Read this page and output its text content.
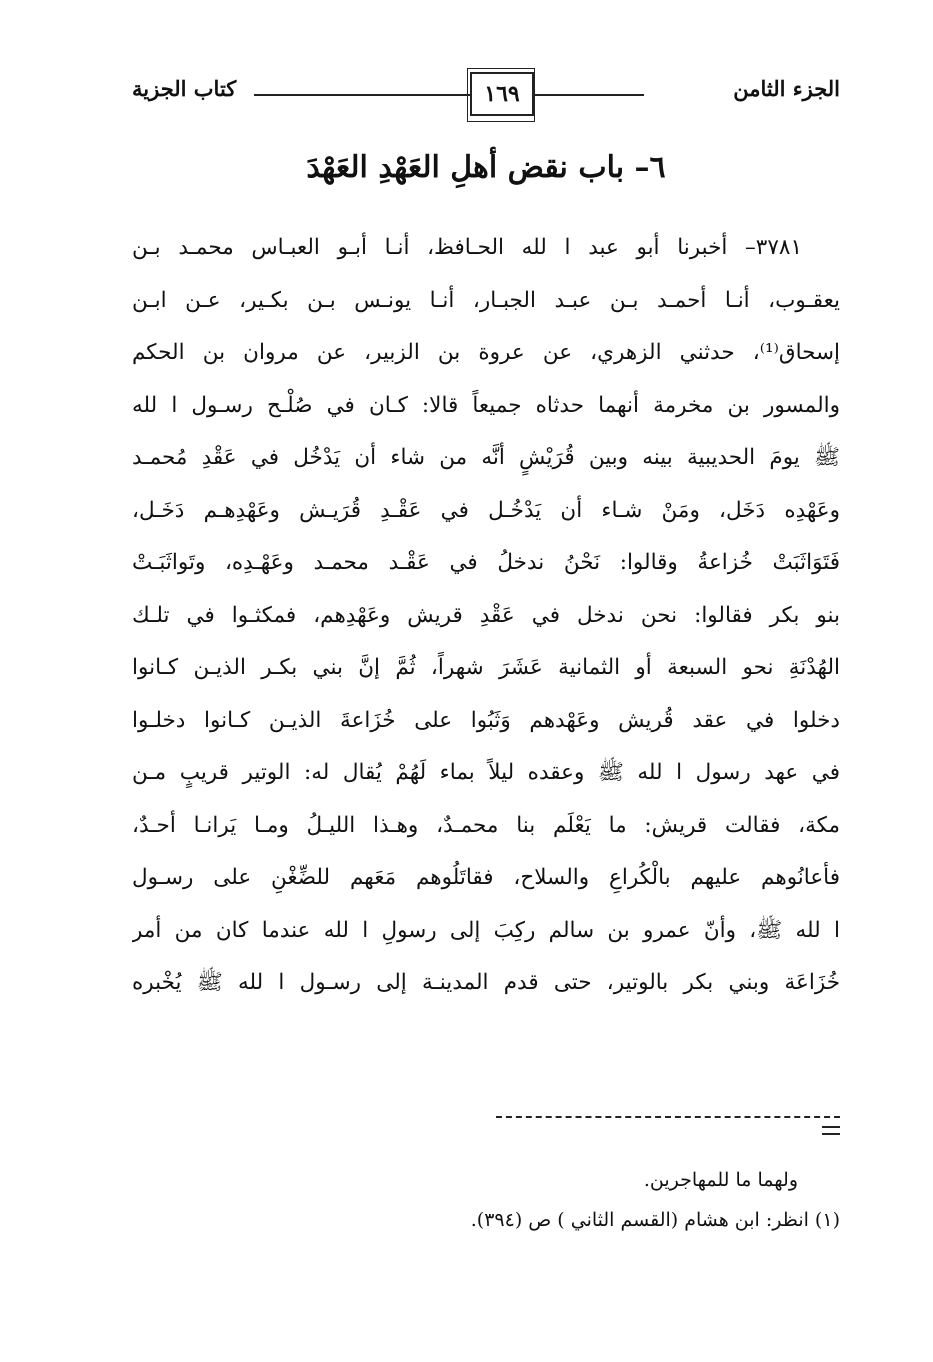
الجزء الثامن
١٦٩
كتاب الجزية
٦– باب نقض أهلِ العَهْدِ العَهْدَ
٣٧٨١– أخبرنا أبو عبد ا لله الحـافظ، أنـا أبـو العبـاس محمـد بـن
يعقـوب، أنـا أحمـد بـن عبـد الجبـار، أنـا يونـس بـن بكـير، عـن ابـن
إسحاق⁽¹⁾، حدثني الزهري، عن عروة بن الزبير، عن مروان بن الحكم
والمسور بن مخرمة أنهما حدثاه جميعاً قالا: كـان في صُلْـح رسـول ا لله
ﷺ يومَ الحديبية بينه وبين قُرَيْشٍ أنَّه من شاء أن يَدْخُل في عَقْدِ مُحمـد
وعَهْدِه دَخَل، ومَنْ شـاء أن يَدْخُـل في عَقْـدِ قُرَيـش وعَهْدِهـم دَخَـل،
فَتَوَاثَبَتْ خُزاعةُ وقالوا: نَحْنُ ندخلُ في عَقْـد محمـد وعَهْـدِه، وتَواثَبَـتْ
بنو بكر فقالوا: نحن ندخل في عَقْدِ قريش وعَهْدِهم، فمكثـوا في تلـك
الهُدْنَةِ نحو السبعة أو الثمانية عَشَرَ شهراً، ثُمَّ إنَّ بني بكـر الذيـن كـانوا
دخلوا في عقد قُريش وعَهْدهم وَثَبُوا على خُزَاعةَ الذيـن كـانوا دخلـوا
في عهد رسول ا لله ﷺ وعقده ليلاً بماء لَهُمْ يُقال له: الوتير قريبٍ مـن
مكة، فقالت قريش: ما يَعْلَم بنا محمـدٌ، وهـذا الليـلُ ومـا يَرانـا أحـدٌ،
فأعانُوهم عليهم بالْكُراعِ والسلاح، فقاتَلُوهم مَعَهم للضِّغْنِ على رسـول
ا لله ﷺ، وأنّ عمرو بن سالم ركِبَ إلى رسولِ ا لله عندما كان من أمر
خُزَاعَة وبني بكر بالوتير، حتى قدم المدينـة إلى رسـول ا لله ﷺ يُخْبره
ولهما ما للمهاجرين.
(١) انظر: ابن هشام (القسم الثاني ) ص (٣٩٤).
